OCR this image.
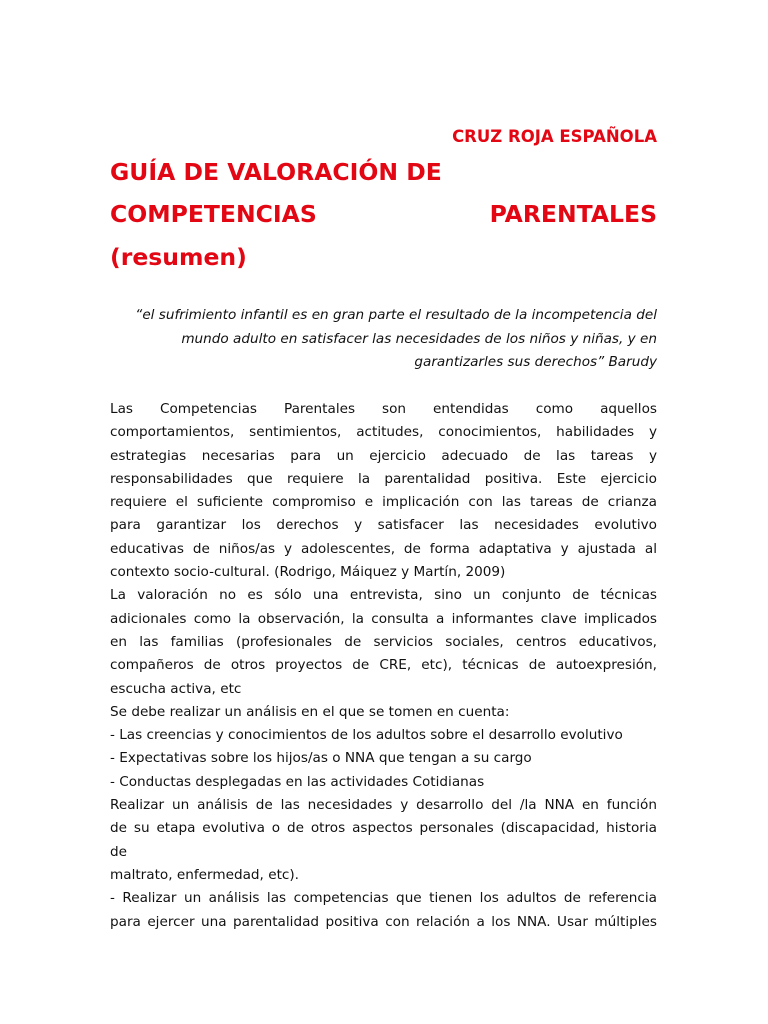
CRUZ ROJA ESPAÑOLA
GUÍA DE VALORACIÓN DE
COMPETENCIAS	PARENTALES
(resumen)
“el sufrimiento infantil es en gran parte el resultado de la incompetencia del
mundo adulto en satisfacer las necesidades de los niños y niñas, y en
garantizarles sus derechos” Barudy
Las Competencias Parentales son entendidas como aquellos
comportamientos, sentimientos, actitudes, conocimientos, habilidades y
estrategias necesarias para un ejercicio adecuado de las tareas y
responsabilidades que requiere la parentalidad positiva. Este ejercicio
requiere el suficiente compromiso e implicación con las tareas de crianza
para garantizar los derechos y satisfacer las necesidades evolutivo
educativas de niños/as y adolescentes, de forma adaptativa y ajustada al
contexto socio-cultural. (Rodrigo, Máiquez y Martín, 2009)
La valoración no es sólo una entrevista, sino un conjunto de técnicas
adicionales como la observación, la consulta a informantes clave implicados
en las familias (profesionales de servicios sociales, centros educativos,
compañeros de otros proyectos de CRE, etc), técnicas de autoexpresión,
escucha activa, etc
Se debe realizar un análisis en el que se tomen en cuenta:
- Las creencias y conocimientos de los adultos sobre el desarrollo evolutivo
- Expectativas sobre los hijos/as o NNA que tengan a su cargo
- Conductas desplegadas en las actividades Cotidianas
Realizar un análisis de las necesidades y desarrollo del /la NNA en función
de su etapa evolutiva o de otros aspectos personales (discapacidad, historia
de
maltrato, enfermedad, etc).
- Realizar un análisis las competencias que tienen los adultos de referencia
para ejercer una parentalidad positiva con relación a los NNA. Usar múltiples
